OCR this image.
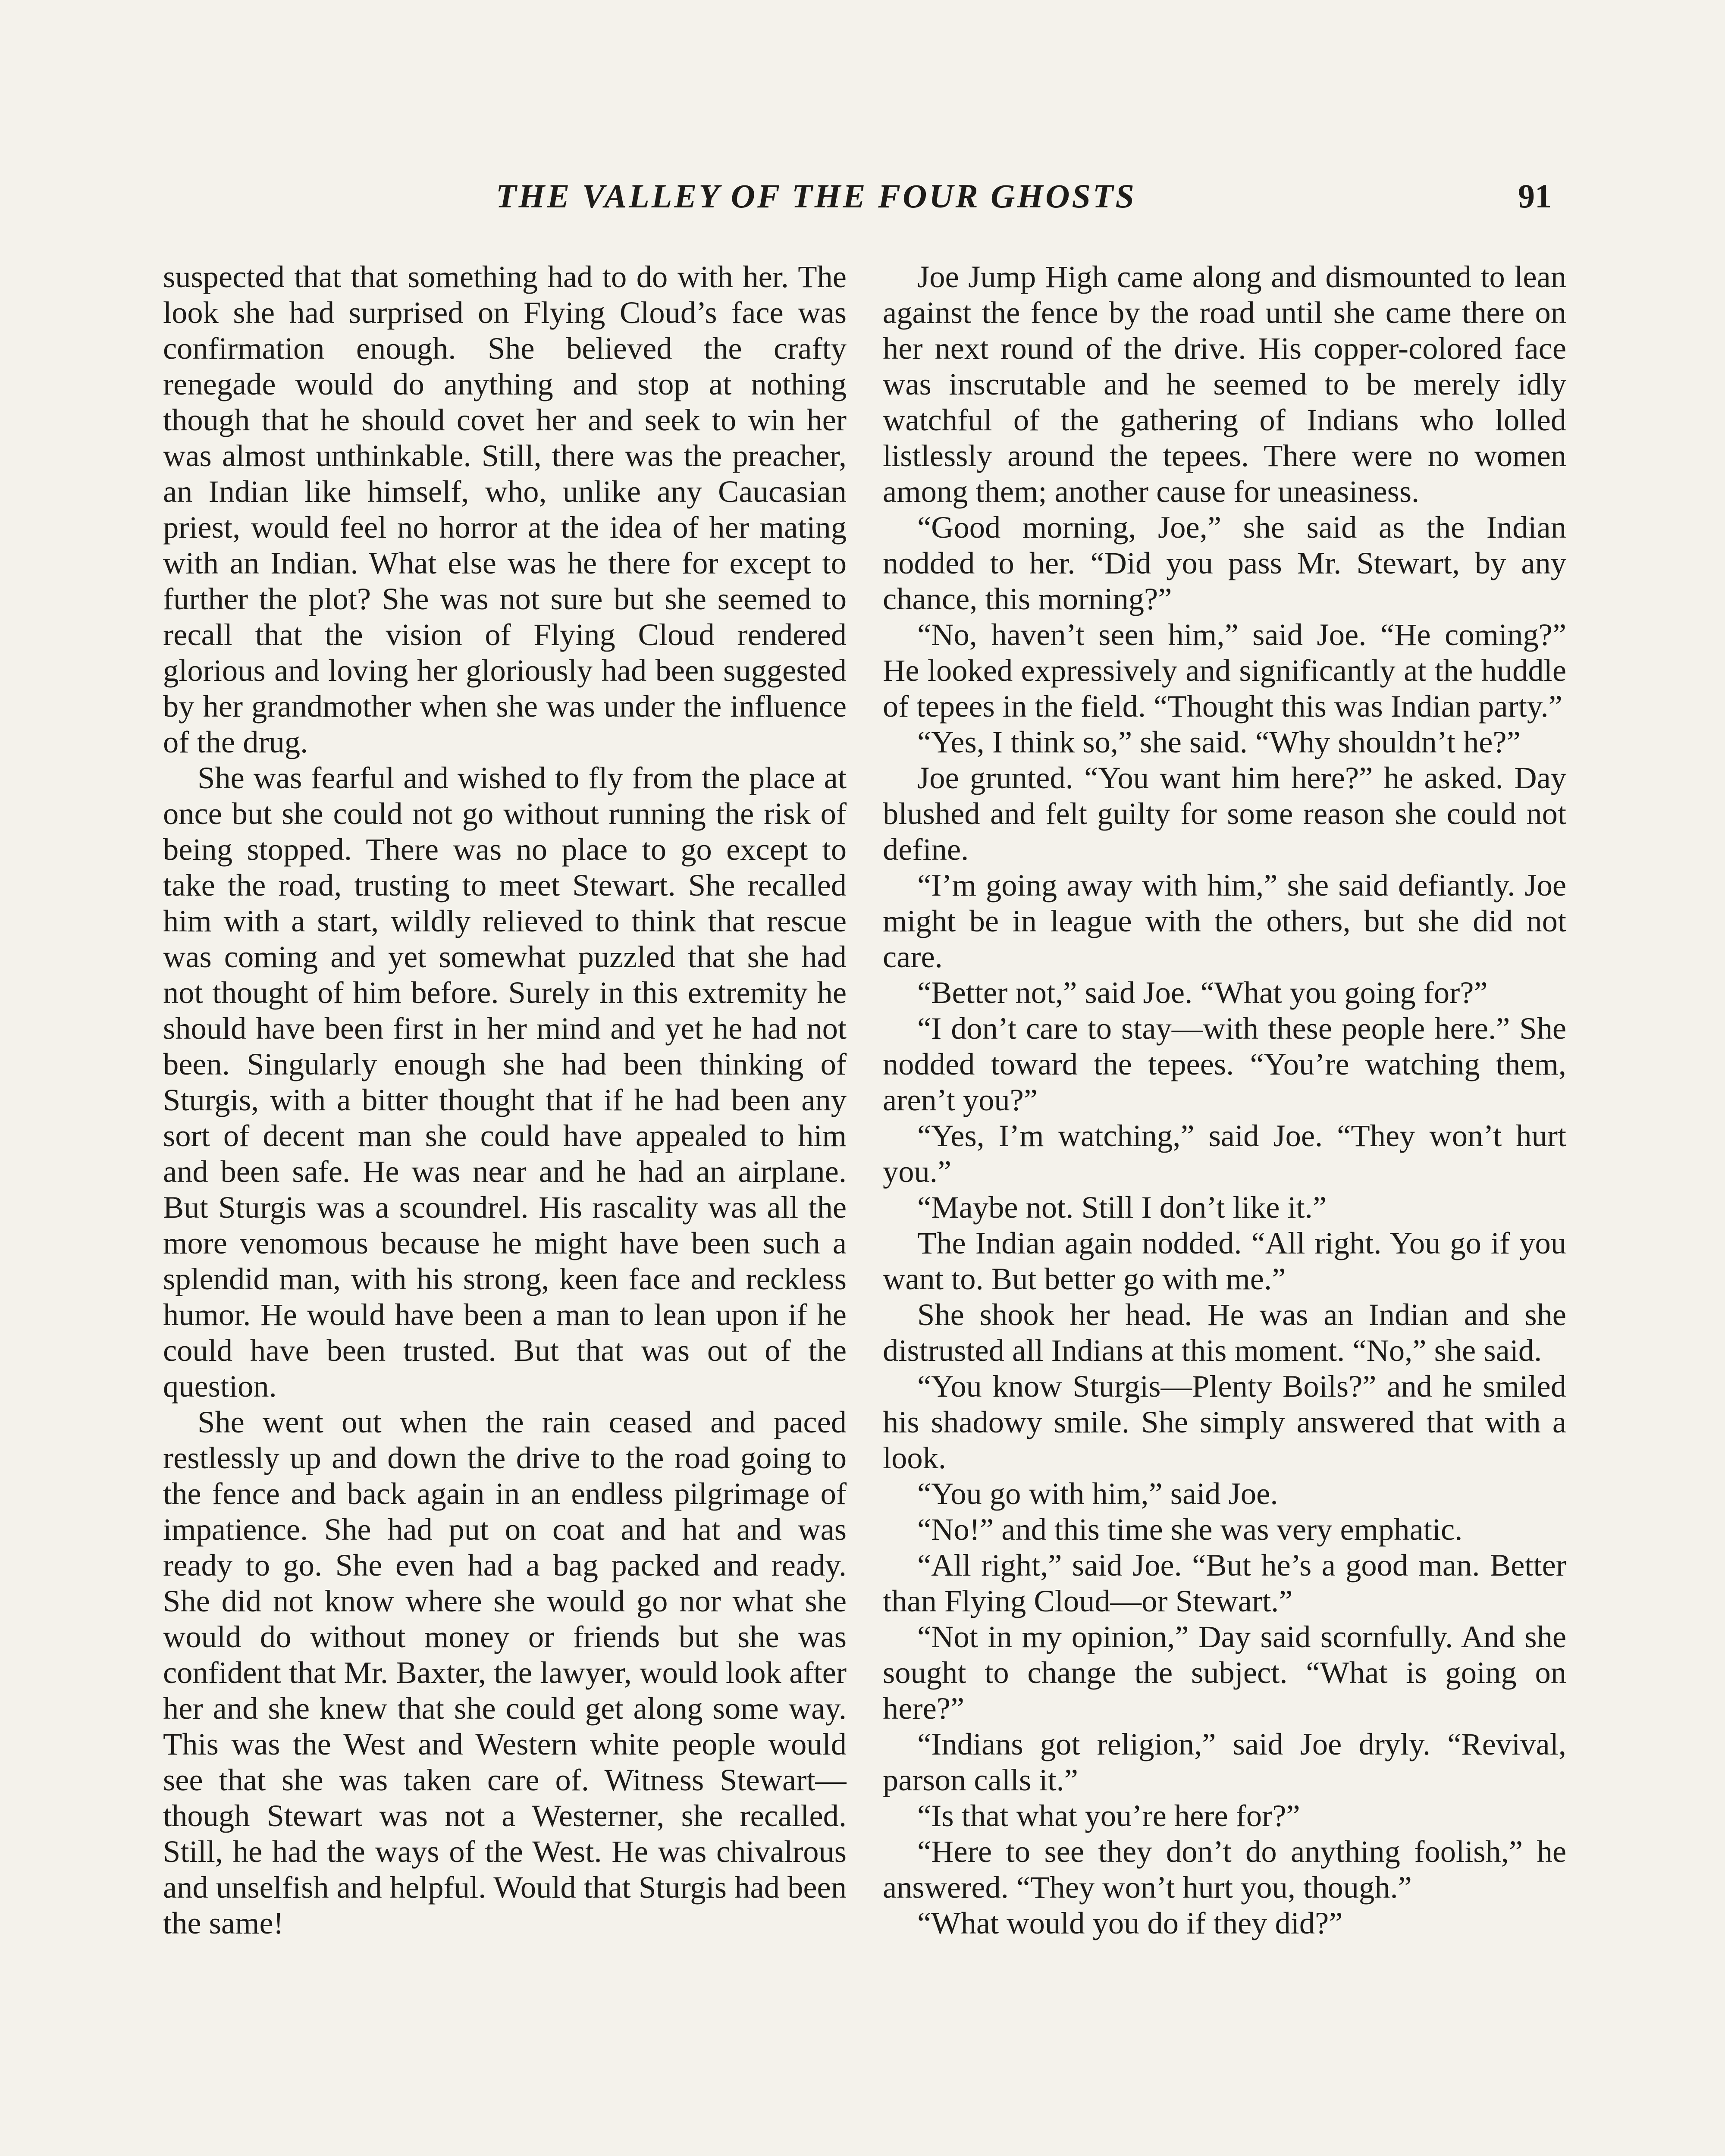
THE VALLEY OF THE FOUR GHOSTS	91

suspected that that something had to do with her. The look she had surprised on Flying Cloud’s face was confirmation enough. She believed the crafty renegade would do anything and stop at nothing though that he should covet her and seek to win her was almost unthinkable. Still, there was the preacher, an Indian like himself, who, unlike any Caucasian priest, would feel no horror at the idea of her mating with an Indian. What else was he there for except to further the plot? She was not sure but she seemed to recall that the vision of Flying Cloud rendered glorious and loving her gloriously had been suggested by her grandmother when she was under the influence of the drug.

She was fearful and wished to fly from the place at once but she could not go without running the risk of being stopped. There was no place to go except to take the road, trusting to meet Stewart. She recalled him with a start, wildly relieved to think that rescue was coming and yet somewhat puzzled that she had not thought of him before. Surely in this extremity he should have been first in her mind and yet he had not been. Singularly enough she had been thinking of Sturgis, with a bitter thought that if he had been any sort of decent man she could have appealed to him and been safe. He was near and he had an airplane. But Sturgis was a scoundrel. His rascality was all the more venomous because he might have been such a splendid man, with his strong, keen face and reckless humor. He would have been a man to lean upon if he could have been trusted. But that was out of the question.

She went out when the rain ceased and paced restlessly up and down the drive to the road going to the fence and back again in an endless pilgrimage of impatience. She had put on coat and hat and was ready to go. She even had a bag packed and ready. She did not know where she would go nor what she would do without money or friends but she was confident that Mr. Baxter, the lawyer, would look after her and she knew that she could get along some way. This was the West and Western white people would see that she was taken care of. Witness Stewart—though Stewart was not a Westerner, she recalled. Still, he had the ways of the West. He was chivalrous and unselfish and helpful. Would that Sturgis had been the same!

Joe Jump High came along and dismounted to lean against the fence by the road until she came there on her next round of the drive. His copper-colored face was inscrutable and he seemed to be merely idly watchful of the gathering of Indians who lolled listlessly around the tepees. There were no women among them; another cause for uneasiness.

“Good morning, Joe,” she said as the Indian nodded to her. “Did you pass Mr. Stewart, by any chance, this morning?”

“No, haven’t seen him,” said Joe. “He coming?” He looked expressively and significantly at the huddle of tepees in the field. “Thought this was Indian party.”

“Yes, I think so,” she said. “Why shouldn’t he?”

Joe grunted. “You want him here?” he asked. Day blushed and felt guilty for some reason she could not define.

“I’m going away with him,” she said defiantly. Joe might be in league with the others, but she did not care.

“Better not,” said Joe. “What you going for?”

“I don’t care to stay—with these people here.” She nodded toward the tepees. “You’re watching them, aren’t you?”

“Yes, I’m watching,” said Joe. “They won’t hurt you.”

“Maybe not. Still I don’t like it.”

The Indian again nodded. “All right. You go if you want to. But better go with me.”

She shook her head. He was an Indian and she distrusted all Indians at this moment. “No,” she said.

“You know Sturgis—Plenty Boils?” and he smiled his shadowy smile. She simply answered that with a look.

“You go with him,” said Joe.

“No!” and this time she was very emphatic.

“All right,” said Joe. “But he’s a good man. Better than Flying Cloud—or Stewart.”

“Not in my opinion,” Day said scornfully. And she sought to change the subject. “What is going on here?”

“Indians got religion,” said Joe dryly. “Revival, parson calls it.”

“Is that what you’re here for?”

“Here to see they don’t do anything foolish,” he answered. “They won’t hurt you, though.”

“What would you do if they did?”
